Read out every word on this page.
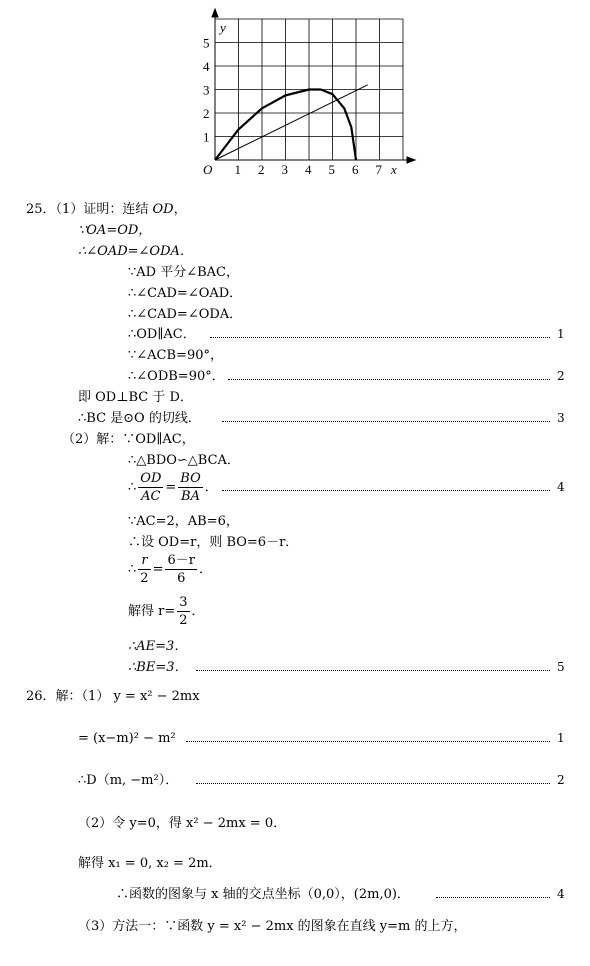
1 2 3 4 5 6 7
1
2
3
4
5
y
x
O
25．（1）证明：连结 OD，
∵OA=OD，
∴∠OAD=∠ODA．
∵AD 平分∠BAC，
∴∠CAD=∠OAD．
∴∠CAD=∠ODA．
∴OD∥AC．	1
∵∠ACB=90°，
∴∠ODB=90°．	2
即 OD⊥BC 于 D．
∴BC 是⊙O 的切线．	3
（2）解：∵OD∥AC，
∴△BDO∽△BCA．
∴ $\frac{OD}{AC} = \frac{BO}{BA}$ ．	4
∵AC=2，AB=6，
∴设 OD=r，则 BO=6－r．
∴ $\frac{r}{2} = \frac{6-r}{6}$ ．
解得 $r= \frac{3}{2}$ ．
∴AE=3．
∴BE=3．	5
26．解：（1） y = x² − 2mx
= (x−m)² − m²	1
∴D（m, −m²）．	2
（2）令 y=0，得 x² − 2mx = 0．
解得 x₁ = 0, x₂ = 2m．
∴函数的图象与 x 轴的交点坐标（0,0），(2m,0)．	4
（3）方法一：∵函数 y = x² − 2mx 的图象在直线 y=m 的上方，
